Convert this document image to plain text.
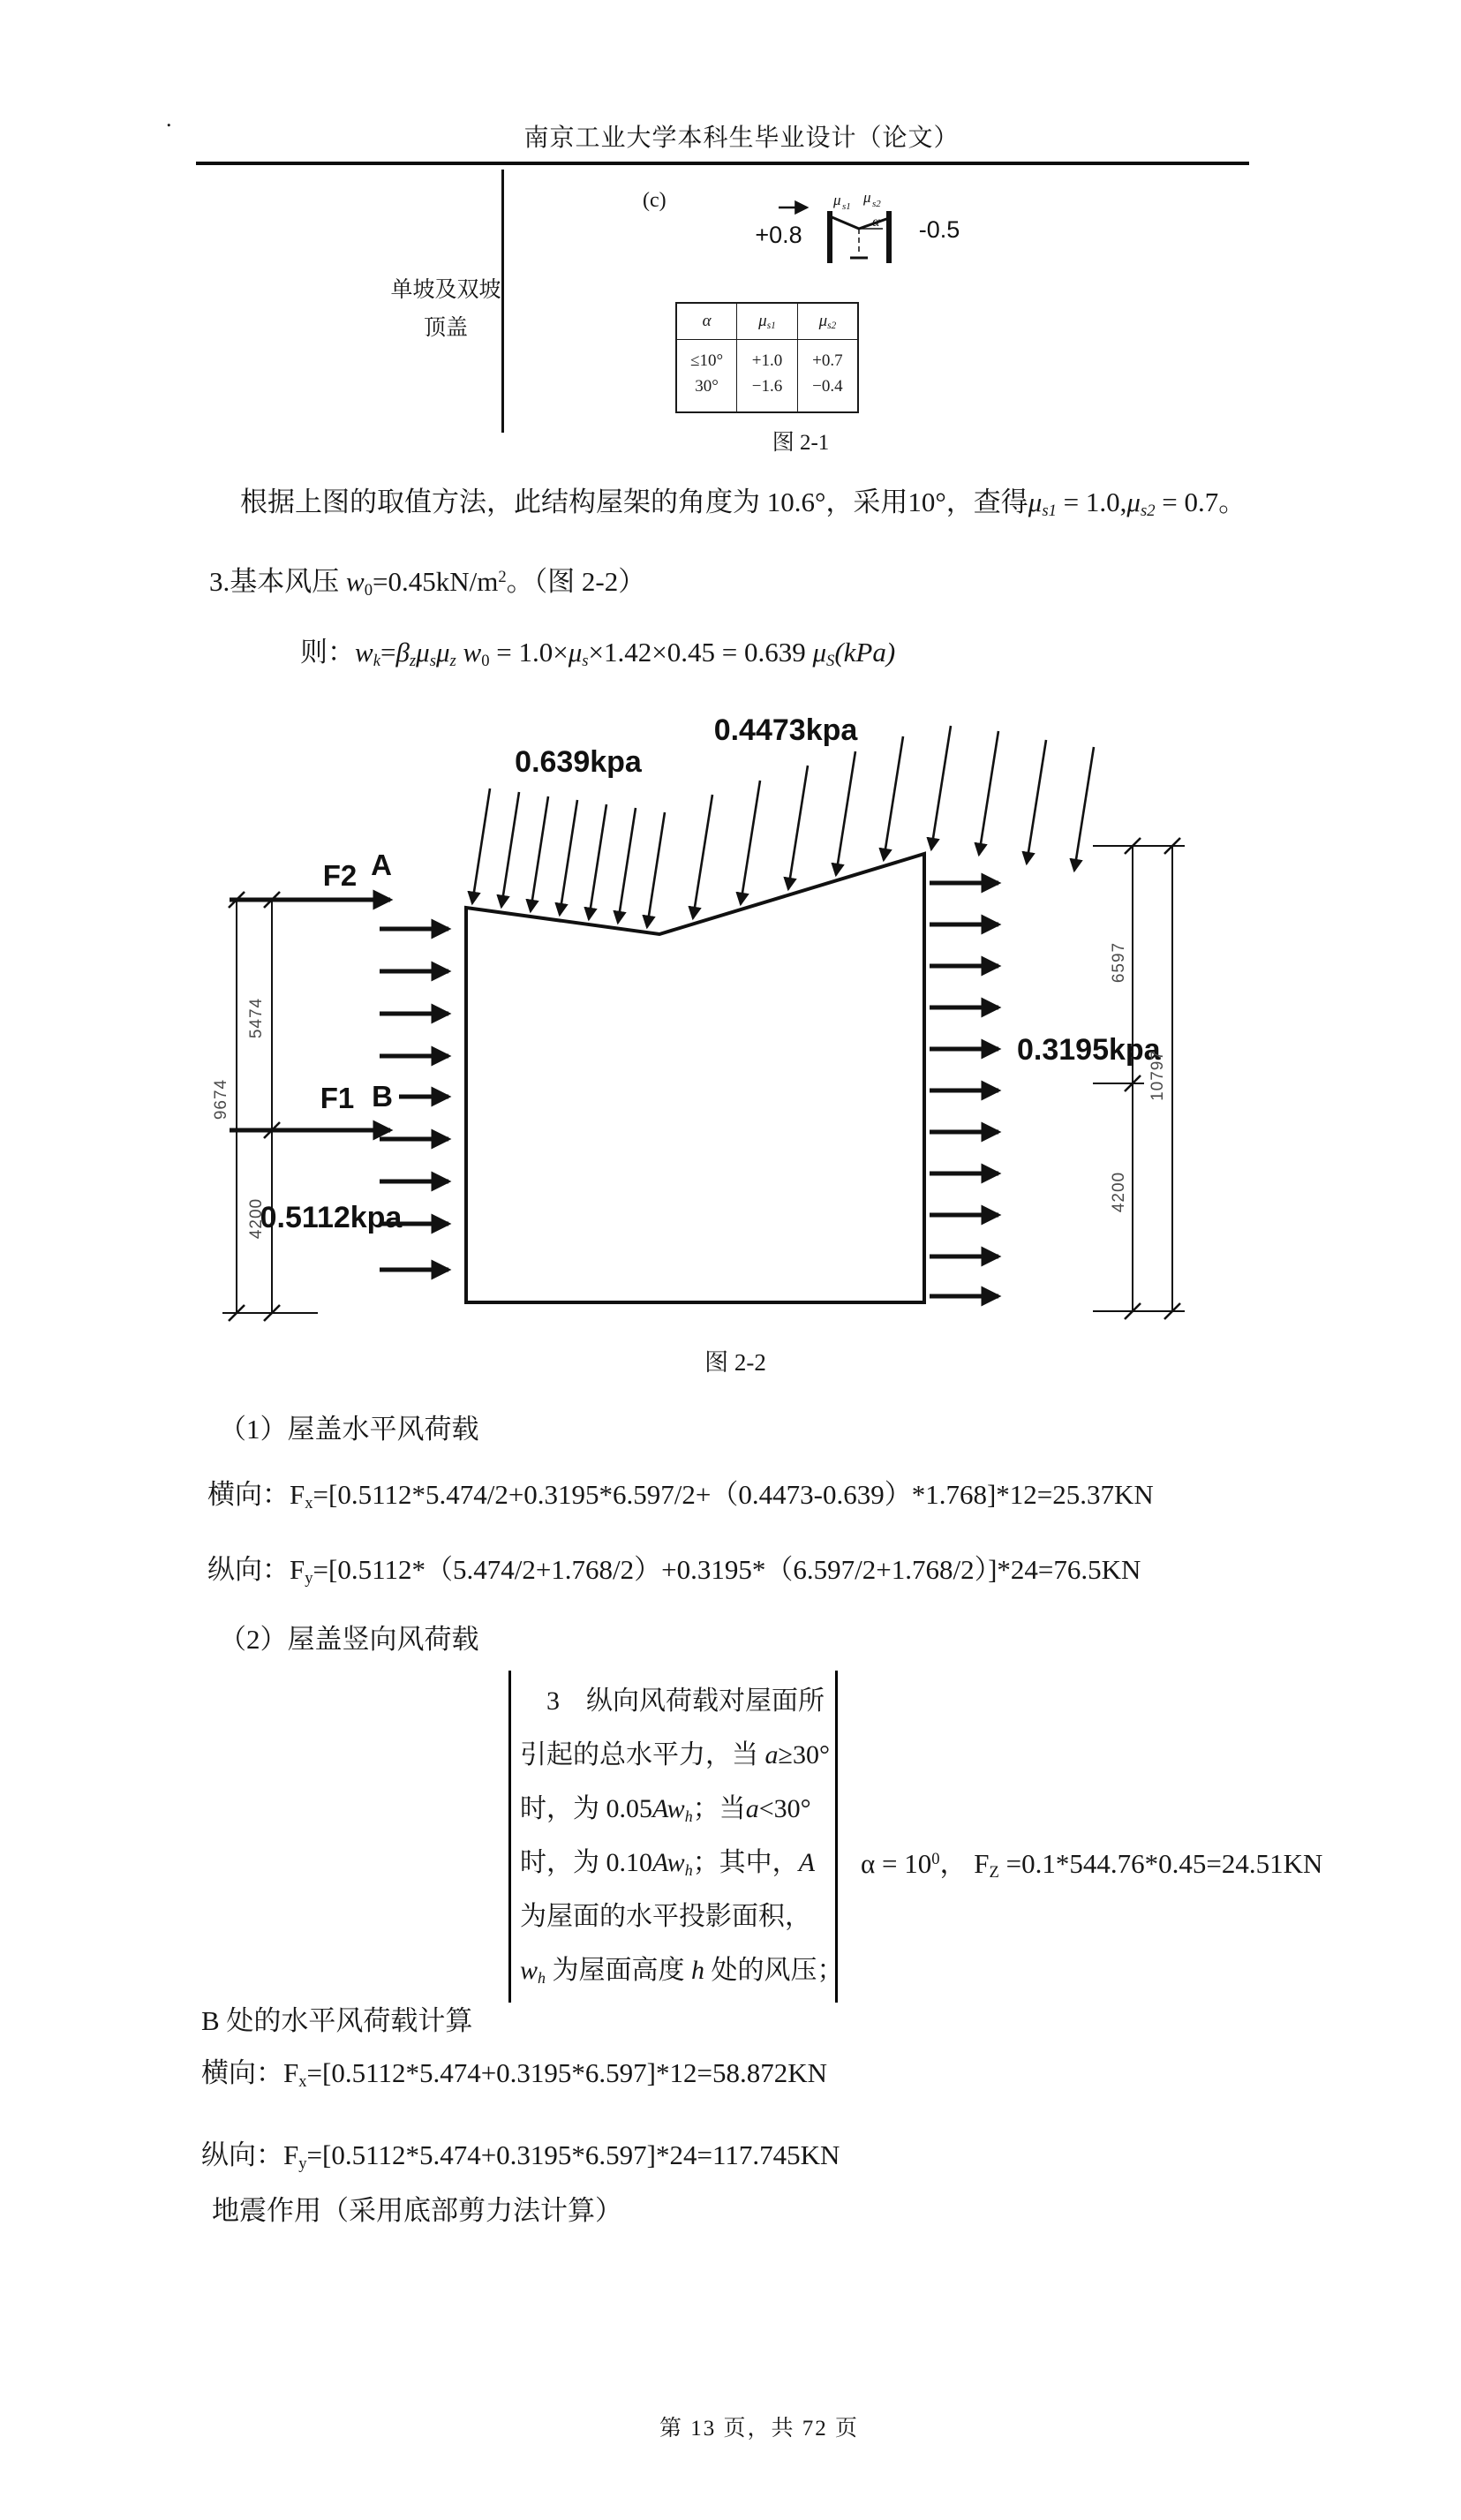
.
南京工业大学本科生毕业设计（论文）
单坡及双坡
顶盖
(c)
+0.8	-0.5
μ s1
μ s2
α
α	μs1	μs2
≤10°	+1.0	+0.7
30°	−1.6	−0.4
图 2-1
根据上图的取值方法，此结构屋架的角度为 10.6°，采用10°，查得μs1 = 1.0,μs2 = 0.7。
3.基本风压 $w0=0.45kN/m^2$。（图 2-2）
则：wk=βzμsμz w0 = 1.0×μs×1.42×0.45 = 0.639 μS(kPa)
0.639kpa
0.4473kpa
F2 A
F1 B
0.5112kpa
5474
4200
9674
0.3195kpa
6597
10797
4200
图 2-2
（1）屋盖水平风荷载
横向：Fx=[0.5112*5.474/2+0.3195*6.597/2+（0.4473-0.639）*1.768]*12=25.37KN
纵向：Fy=[0.5112*（5.474/2+1.768/2）+0.3195*（6.597/2+1.768/2）]*24=76.5KN
（2）屋盖竖向风荷载
3　纵向风荷载对屋面所
引起的总水平力，当 a≥30°
时，为 0.05Awh；当a<30°
时，为 0.10Awh；其中，A
为屋面的水平投影面积，
wh 为屋面高度 h 处的风压；
$\alpha = 10^0$， FZ =0.1*544.76*0.45=24.51KN
B 处的水平风荷载计算
横向：Fx=[0.5112*5.474+0.3195*6.597]*12=58.872KN
纵向：Fy=[0.5112*5.474+0.3195*6.597]*24=117.745KN
地震作用（采用底部剪力法计算）
第 13 页，共 72 页
